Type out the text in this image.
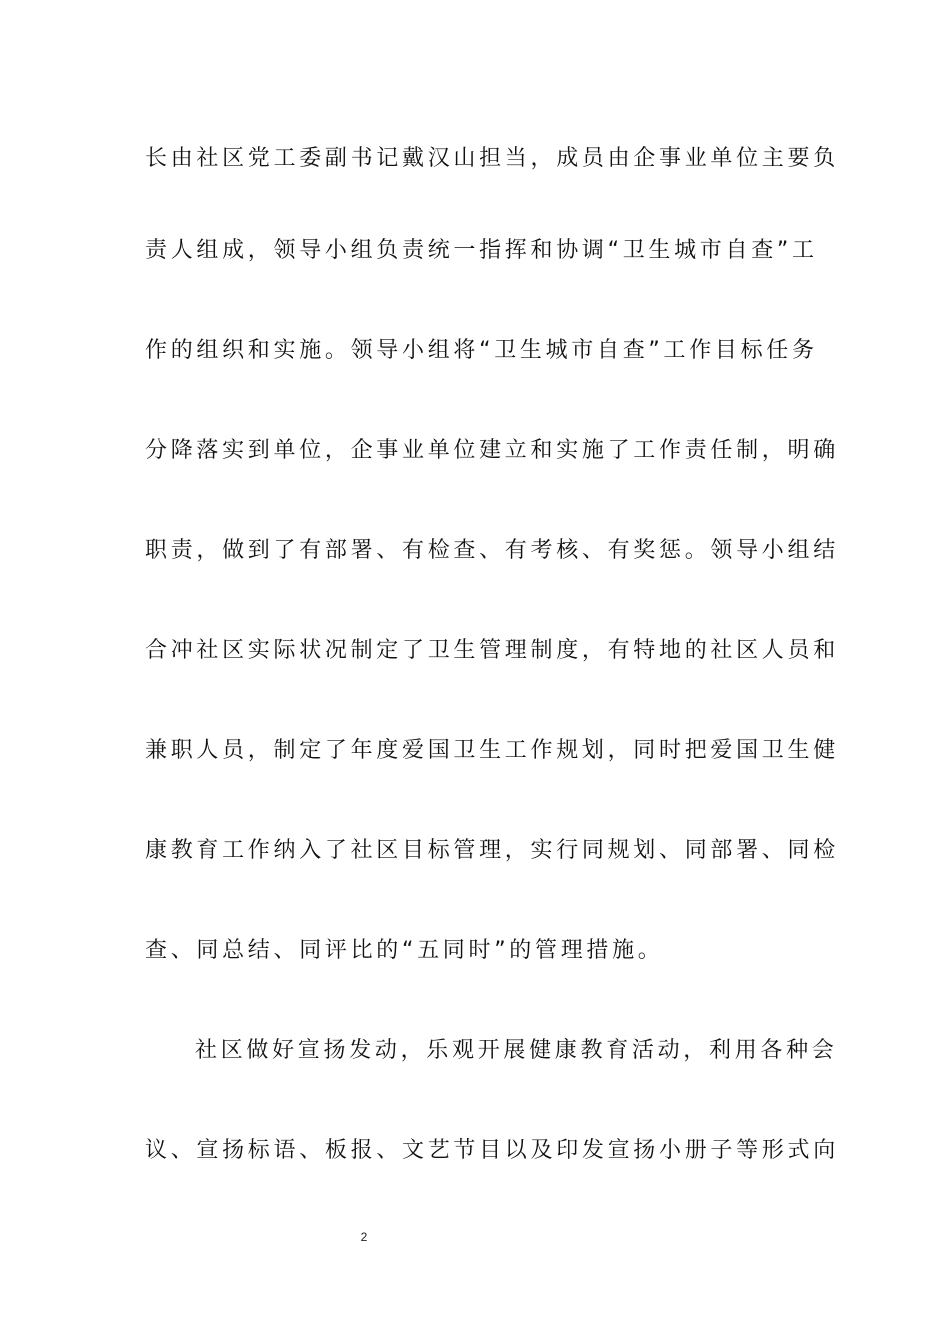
长由社区党工委副书记戴汉山担当，成员由企事业单位主要负
责人组成，领导小组负责统一指挥和协调“卫生城市自查”工
作的组织和实施。领导小组将“卫生城市自查”工作目标任务
分降落实到单位，企事业单位建立和实施了工作责任制，明确
职责，做到了有部署、有检查、有考核、有奖惩。领导小组结
合冲社区实际状况制定了卫生管理制度，有特地的社区人员和
兼职人员，制定了年度爱国卫生工作规划，同时把爱国卫生健
康教育工作纳入了社区目标管理，实行同规划、同部署、同检
查、同总结、同评比的“五同时”的管理措施。
社区做好宣扬发动，乐观开展健康教育活动，利用各种会
议、宣扬标语、板报、文艺节目以及印发宣扬小册子等形式向
2
